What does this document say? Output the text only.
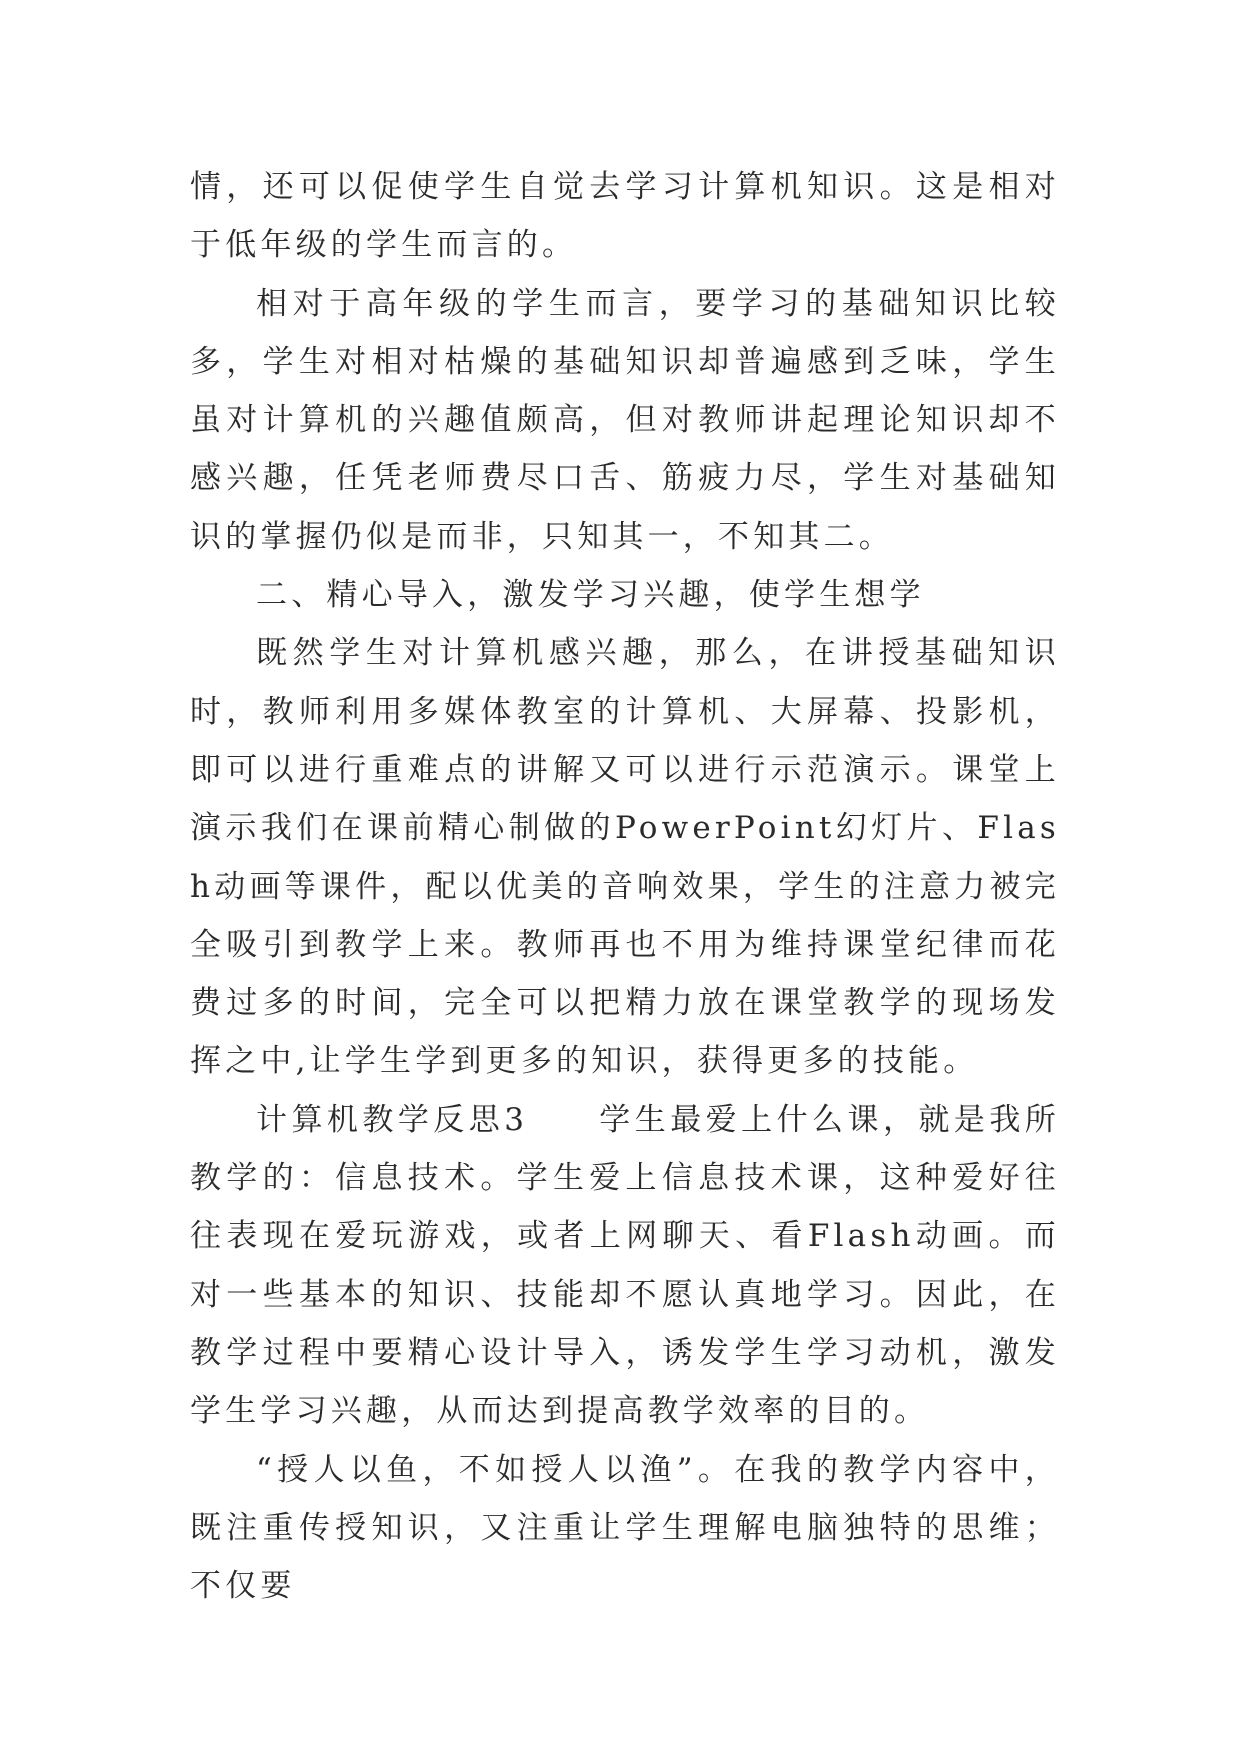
情，还可以促使学生自觉去学习计算机知识。这是相对于低年级的学生而言的。

相对于高年级的学生而言，要学习的基础知识比较多，学生对相对枯燥的基础知识却普遍感到乏味，学生虽对计算机的兴趣值颇高，但对教师讲起理论知识却不感兴趣，任凭老师费尽口舌、筋疲力尽，学生对基础知识的掌握仍似是而非，只知其一，不知其二。

二、精心导入，激发学习兴趣，使学生想学

既然学生对计算机感兴趣，那么，在讲授基础知识时，教师利用多媒体教室的计算机、大屏幕、投影机，即可以进行重难点的讲解又可以进行示范演示。课堂上演示我们在课前精心制做的PowerPoint幻灯片、Flash动画等课件，配以优美的音响效果，学生的注意力被完全吸引到教学上来。教师再也不用为维持课堂纪律而花费过多的时间，完全可以把精力放在课堂教学的现场发挥之中,让学生学到更多的知识，获得更多的技能。

计算机教学反思3　　学生最爱上什么课，就是我所教学的：信息技术。学生爱上信息技术课，这种爱好往往表现在爱玩游戏，或者上网聊天、看Flash动画。而对一些基本的知识、技能却不愿认真地学习。因此，在教学过程中要精心设计导入，诱发学生学习动机，激发学生学习兴趣，从而达到提高教学效率的目的。

“授人以鱼，不如授人以渔”。在我的教学内容中，既注重传授知识，又注重让学生理解电脑独特的思维；不仅要
